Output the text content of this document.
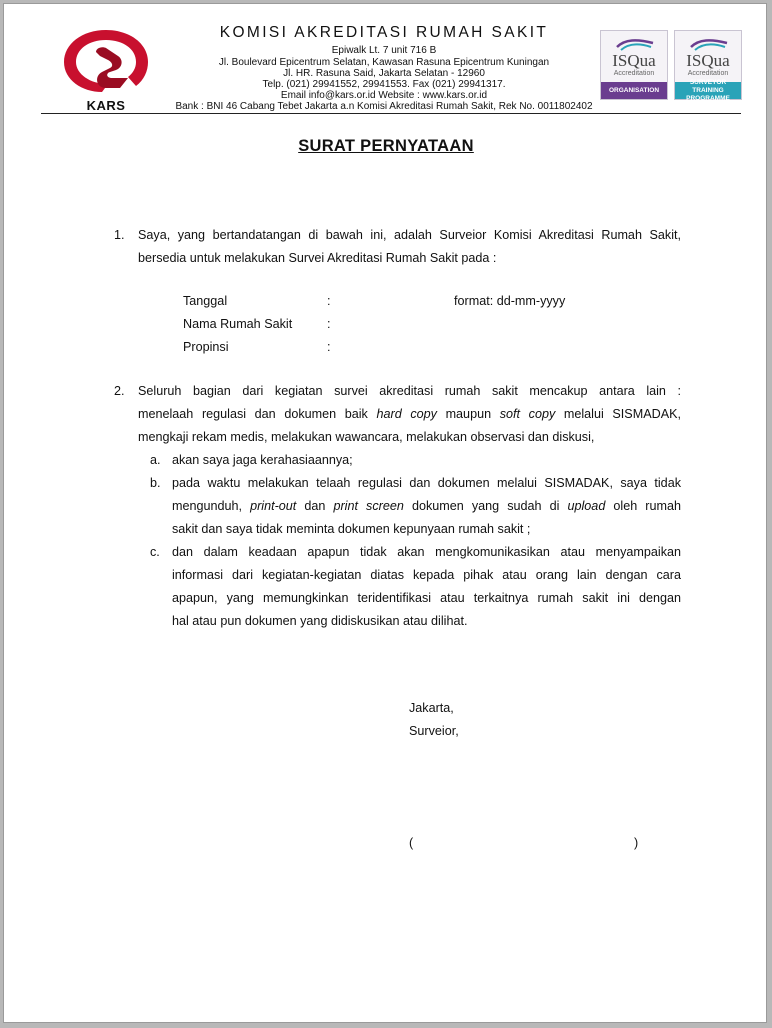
KARS
KOMISI AKREDITASI RUMAH SAKIT
Epiwalk Lt. 7 unit 716 B
Jl. Boulevard Epicentrum Selatan, Kawasan Rasuna Epicentrum Kuningan
Jl. HR. Rasuna Said, Jakarta Selatan - 12960
Telp. (021) 29941552, 29941553. Fax (021) 29941317.
Email info@kars.or.id Website : www.kars.or.id
Bank : BNI 46 Cabang Tebet Jakarta a.n Komisi Akreditasi Rumah Sakit, Rek No. 0011802402
ISQua
Accreditation
ORGANISATION
ISQua
Accreditation
SURVEYOR TRAINING PROGRAMME
SURAT PERNYATAAN
1.	Saya, yang bertandatangan di bawah ini, adalah Surveior Komisi Akreditasi Rumah Sakit,
bersedia untuk melakukan Survei Akreditasi Rumah Sakit pada :
Tanggal	:	format: dd-mm-yyyy
Nama Rumah Sakit	:
Propinsi	:
2.	Seluruh bagian dari kegiatan survei akreditasi rumah sakit mencakup antara lain :
menelaah regulasi dan dokumen baik hard copy maupun soft copy melalui SISMADAK,
mengkaji rekam medis, melakukan wawancara, melakukan observasi dan diskusi,
a. akan saya jaga kerahasiaannya;
b. pada waktu melakukan telaah regulasi dan dokumen melalui SISMADAK, saya tidak
mengunduh, print-out dan print screen dokumen yang sudah di upload oleh rumah
sakit dan saya tidak meminta dokumen kepunyaan rumah sakit ;
c. dan dalam keadaan apapun tidak akan mengkomunikasikan atau menyampaikan
informasi dari kegiatan-kegiatan diatas kepada pihak atau orang lain dengan cara
apapun, yang memungkinkan teridentifikasi atau terkaitnya rumah sakit ini dengan
hal atau pun dokumen yang didiskusikan atau dilihat.
Jakarta,
Surveior,
(	)
